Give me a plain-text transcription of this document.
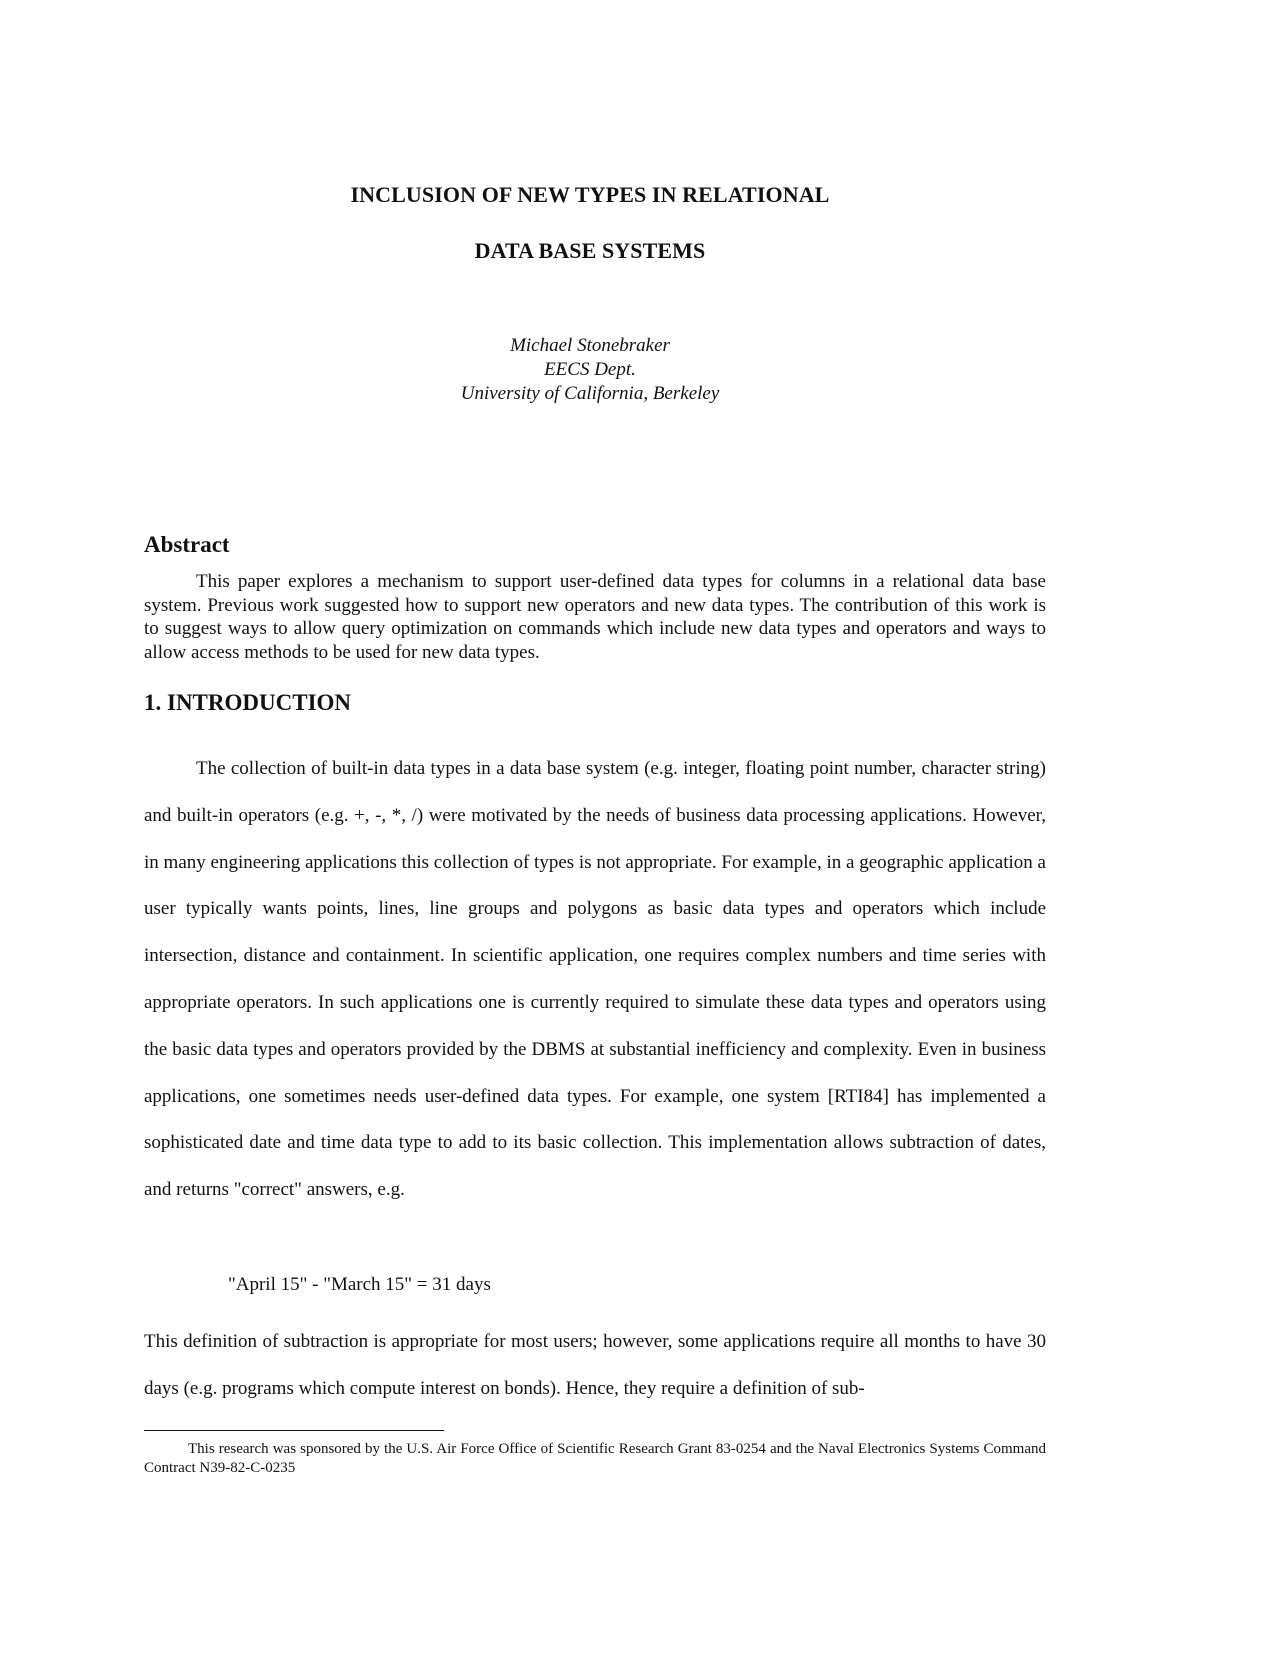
INCLUSION OF NEW TYPES IN RELATIONAL
DATA BASE SYSTEMS
Michael Stonebraker
EECS Dept.
University of California, Berkeley
Abstract

This paper explores a mechanism to support user-defined data types for columns in a relational data base system. Previous work suggested how to support new operators and new data types. The contribution of this work is to suggest ways to allow query optimization on commands which include new data types and operators and ways to allow access methods to be used for new data types.

1. INTRODUCTION

The collection of built-in data types in a data base system (e.g. integer, floating point number, character string) and built-in operators (e.g. +, -, *, /) were motivated by the needs of business data processing applications. However, in many engineering applications this collection of types is not appropriate. For example, in a geographic application a user typically wants points, lines, line groups and polygons as basic data types and operators which include intersection, distance and containment. In scientific application, one requires complex numbers and time series with appropriate operators. In such applications one is currently required to simulate these data types and operators using the basic data types and operators provided by the DBMS at substantial inefficiency and complexity. Even in business applications, one sometimes needs user-defined data types. For example, one system [RTI84] has implemented a sophisticated date and time data type to add to its basic collection. This implementation allows subtraction of dates, and returns "correct" answers, e.g.

"April 15" - "March 15" = 31 days

This definition of subtraction is appropriate for most users; however, some applications require all months to have 30 days (e.g. programs which compute interest on bonds). Hence, they require a definition of sub-

This research was sponsored by the U.S. Air Force Office of Scientific Research Grant 83-0254 and the Naval Electronics Systems Command Contract N39-82-C-0235
